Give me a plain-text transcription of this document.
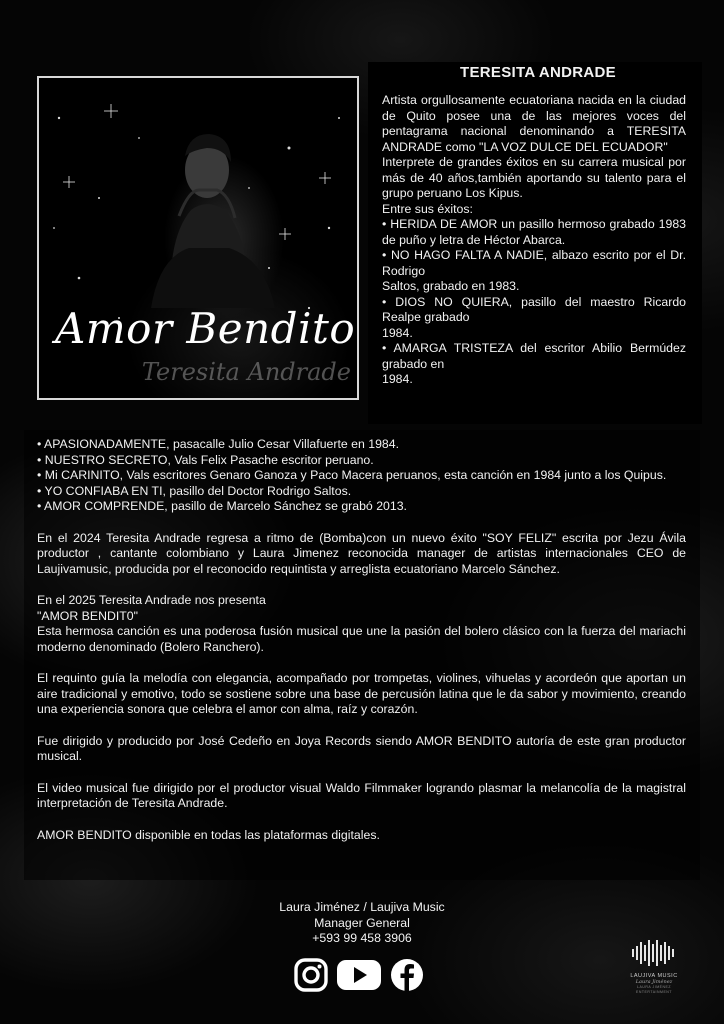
Amor Bendito
Teresita Andrade
TERESITA ANDRADE

Artista orgullosamente ecuatoriana nacida en la ciudad de Quito posee una de las mejores voces del pentagrama nacional denominando a TERESITA ANDRADE como "LA VOZ DULCE DEL ECUADOR"

Interprete de grandes éxitos en su carrera musical por más de 40 años,también aportando su talento para el grupo peruano Los Kipus.

Entre sus éxitos:

• HERIDA DE AMOR un pasillo hermoso grabado 1983 de puño y letra de Héctor Abarca.
• NO HAGO FALTA A NADIE, albazo escrito por el Dr. Rodrigo

Saltos, grabado en 1983.

• DIOS NO QUIERA, pasillo del maestro Ricardo Realpe grabado

1984.

• AMARGA TRISTEZA del escritor Abilio Bermúdez grabado en

1984.

• APASIONADAMENTE, pasacalle Julio Cesar Villafuerte en 1984.
• NUESTRO SECRETO, Vals Felix Pasache escritor peruano.
• Mi CARINITO, Vals escritores Genaro Ganoza y Paco Macera peruanos, esta canción en 1984 junto a los Quipus.
• YO CONFIABA EN TI, pasillo del Doctor Rodrigo Saltos.
• AMOR COMPRENDE, pasillo de Marcelo Sánchez se grabó 2013.

En el 2024 Teresita Andrade regresa a ritmo de (Bomba)con un nuevo éxito "SOY FELIZ" escrita por Jezu Ávila productor , cantante colombiano y Laura Jimenez reconocida manager de artistas internacionales CEO de Laujivamusic, producida por el reconocido requintista y arreglista ecuatoriano Marcelo Sánchez.

En el 2025 Teresita Andrade nos presenta

"AMOR BENDIT0"

Esta hermosa canción es una poderosa fusión musical que une la pasión del bolero clásico con la fuerza del mariachi moderno denominado (Bolero Ranchero).

El requinto guía la melodía con elegancia, acompañado por trompetas, violines, vihuelas y acordeón que aportan un aire tradicional y emotivo, todo se sostiene sobre una base de percusión latina que le da sabor y movimiento, creando una experiencia sonora que celebra el amor con alma, raíz y corazón.

Fue dirigido y producido por José Cedeño en Joya Records siendo AMOR BENDITO autoría de este gran productor musical.

El video musical fue dirigido por el productor visual Waldo Filmmaker logrando plasmar la melancolía de la magistral interpretación de Teresita Andrade.

AMOR BENDITO disponible en todas las plataformas digitales.

Laura Jiménez / Laujiva Music
Manager General
+593 99 458 3906
LAUJIVA MUSIC
Laura Jiménez
LAURA JIMÉNEZ ENTERTAINMENT
